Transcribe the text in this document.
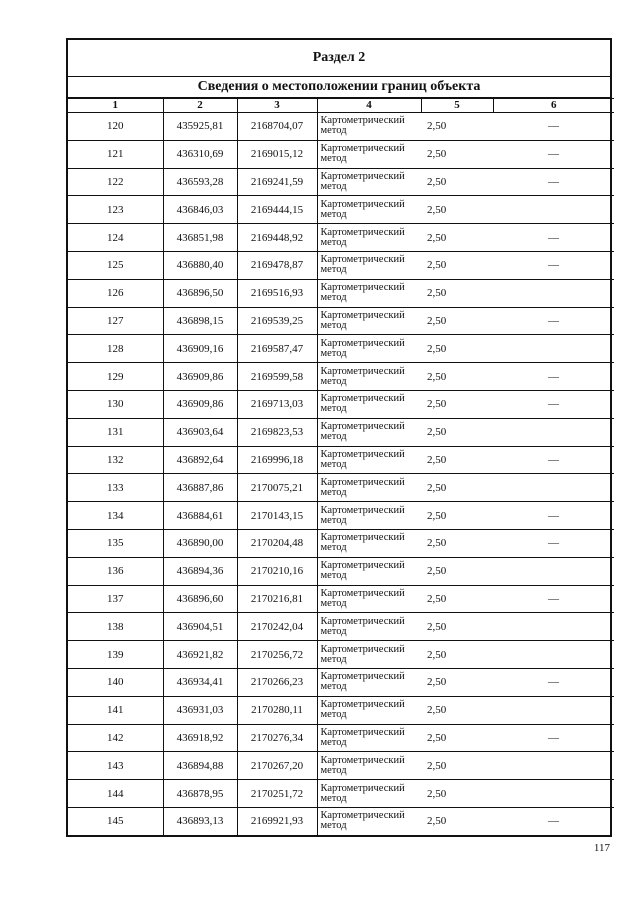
Раздел 2
Сведения о местоположении границ объекта
1	2	3	4	5	6
120	435925,81	2168704,07	Картометрический метод	2,50	—
121	436310,69	2169015,12	Картометрический метод	2,50	—
122	436593,28	2169241,59	Картометрический метод	2,50	—
123	436846,03	2169444,15	Картометрический метод	2,50	
124	436851,98	2169448,92	Картометрический метод	2,50	—
125	436880,40	2169478,87	Картометрический метод	2,50	—
126	436896,50	2169516,93	Картометрический метод	2,50	
127	436898,15	2169539,25	Картометрический метод	2,50	—
128	436909,16	2169587,47	Картометрический метод	2,50	
129	436909,86	2169599,58	Картометрический метод	2,50	—
130	436909,86	2169713,03	Картометрический метод	2,50	—
131	436903,64	2169823,53	Картометрический метод	2,50	
132	436892,64	2169996,18	Картометрический метод	2,50	—
133	436887,86	2170075,21	Картометрический метод	2,50	
134	436884,61	2170143,15	Картометрический метод	2,50	—
135	436890,00	2170204,48	Картометрический метод	2,50	—
136	436894,36	2170210,16	Картометрический метод	2,50	
137	436896,60	2170216,81	Картометрический метод	2,50	—
138	436904,51	2170242,04	Картометрический метод	2,50	
139	436921,82	2170256,72	Картометрический метод	2,50	
140	436934,41	2170266,23	Картометрический метод	2,50	—
141	436931,03	2170280,11	Картометрический метод	2,50	
142	436918,92	2170276,34	Картометрический метод	2,50	—
143	436894,88	2170267,20	Картометрический метод	2,50	
144	436878,95	2170251,72	Картометрический метод	2,50	
145	436893,13	2169921,93	Картометрический метод	2,50	—
117
